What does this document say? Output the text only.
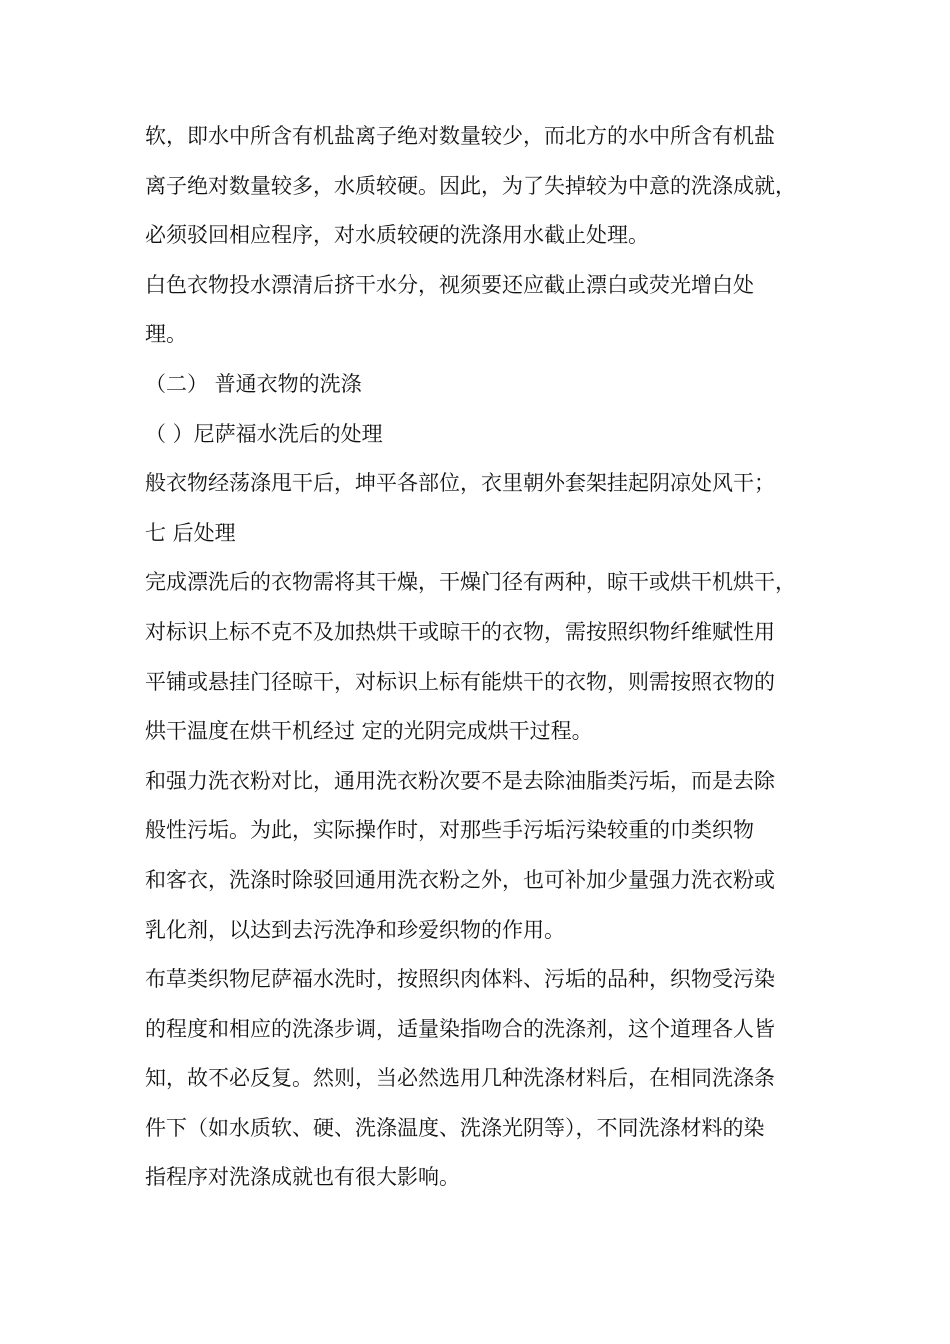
软，即水中所含有机盐离子绝对数量较少，而北方的水中所含有机盐
离子绝对数量较多，水质较硬。因此，为了失掉较为中意的洗涤成就，
必须驳回相应程序，对水质较硬的洗涤用水截止处理。
白色衣物投水漂清后挤干水分，视须要还应截止漂白或荧光增白处
理。
（二） 普通衣物的洗涤
（ ）尼萨福水洗后的处理
般衣物经荡涤甩干后，坤平各部位，衣里朝外套架挂起阴凉处风干；
七 后处理
完成漂洗后的衣物需将其干燥，干燥门径有两种，晾干或烘干机烘干，
对标识上标不克不及加热烘干或晾干的衣物，需按照织物纤维赋性用
平铺或悬挂门径晾干，对标识上标有能烘干的衣物，则需按照衣物的
烘干温度在烘干机经过 定的光阴完成烘干过程。
和强力洗衣粉对比，通用洗衣粉次要不是去除油脂类污垢，而是去除
般性污垢。为此，实际操作时，对那些手污垢污染较重的巾类织物
和客衣，洗涤时除驳回通用洗衣粉之外，也可补加少量强力洗衣粉或
乳化剂，以达到去污洗净和珍爱织物的作用。
布草类织物尼萨福水洗时，按照织肉体料、污垢的品种，织物受污染
的程度和相应的洗涤步调，适量染指吻合的洗涤剂，这个道理各人皆
知，故不必反复。然则，当必然选用几种洗涤材料后，在相同洗涤条
件下（如水质软、硬、洗涤温度、洗涤光阴等），不同洗涤材料的染
指程序对洗涤成就也有很大影响。
